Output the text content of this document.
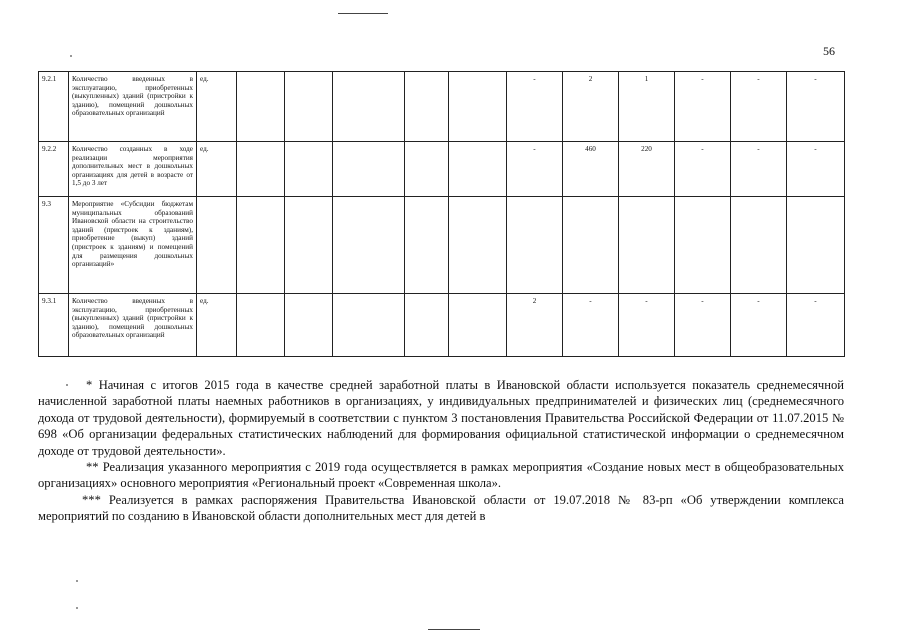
56
9.2.1	Количество введенных в эксплуатацию, приобретенных (выкупленных) зданий (пристройки к зданию), помещений дошкольных образовательных организаций	ед.						-	2	1	-	-	-
9.2.2	Количество созданных в ходе реализации мероприятия дополнительных мест в дошкольных организациях для детей в возрасте от 1,5 до 3 лет	ед.						-	460	220	-	-	-
9.3	Мероприятие «Субсидии бюджетам муниципальных образований Ивановской области на строительство зданий (пристроек к зданиям), приобретение (выкуп) зданий (пристроек к зданиям) и помещений для размещения дошкольных организаций»												
9.3.1	Количество введенных в эксплуатацию, приобретенных (выкупленных) зданий (пристройки к зданию), помещений дошкольных образовательных организаций	ед.						2	-	-	-	-	-

* Начиная с итогов 2015 года в качестве средней заработной платы в Ивановской области используется показатель среднемесячной начисленной заработной платы наемных работников в организациях, у индивидуальных предпринимателей и физических лиц (среднемесячного дохода от трудовой деятельности), формируемый в соответствии с пунктом 3 постановления Правительства Российской Федерации от 11.07.2015 № 698 «Об организации федеральных статистических наблюдений для формирования официальной статистической информации о среднемесячном доходе от трудовой деятельности».

** Реализация указанного мероприятия с 2019 года осуществляется в рамках мероприятия «Создание новых мест в общеобразовательных организациях» основного мероприятия «Региональный проект «Современная школа».

*** Реализуется в рамках распоряжения Правительства Ивановской области от 19.07.2018 № 83-рп «Об утверждении комплекса мероприятий по созданию в Ивановской области дополнительных мест для детей в
